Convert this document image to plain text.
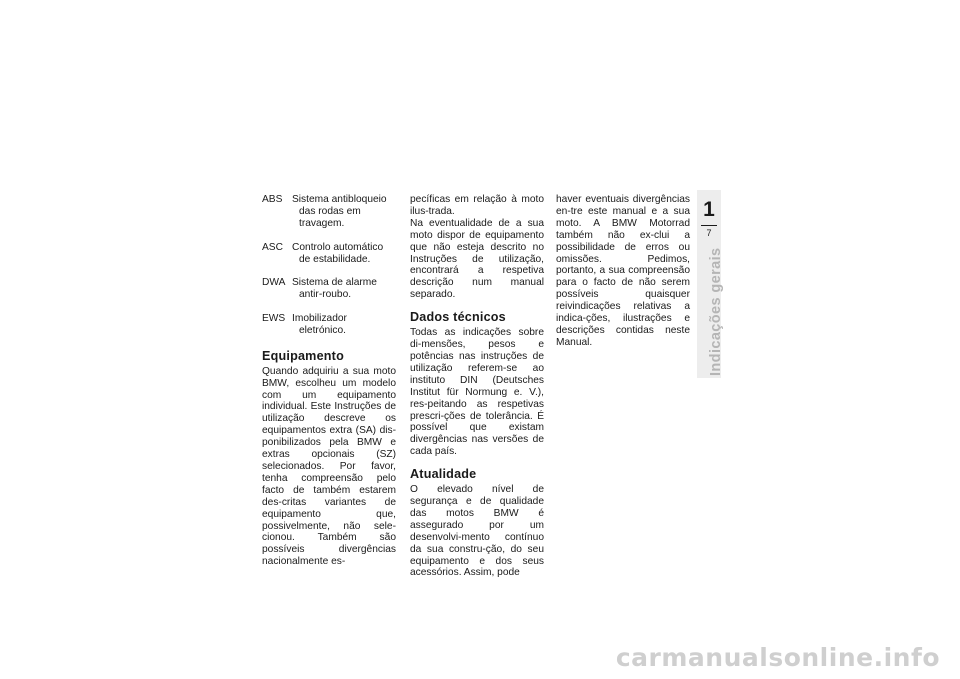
ABS Sistema antibloqueio das rodas em travagem.
ASC Controlo automático de estabilidade.
DWA Sistema de alarme antir-roubo.
EWS Imobilizador eletrónico.
Equipamento

Quando adquiriu a sua moto BMW, escolheu um modelo com um equipamento individual. Este Instruções de utilização descreve os equipamentos extra (SA) dis-ponibilizados pela BMW e extras opcionais (SZ) selecionados. Por favor, tenha compreensão pelo facto de também estarem des-critas variantes de equipamento que, possivelmente, não sele-cionou. Também são possíveis divergências nacionalmente es-

pecíficas em relação à moto ilus-trada.

Na eventualidade de a sua moto dispor de equipamento que não esteja descrito no Instruções de utilização, encontrará a respetiva descrição num manual separado.

Dados técnicos

Todas as indicações sobre di-mensões, pesos e potências nas instruções de utilização referem-se ao instituto DIN (Deutsches Institut für Normung e. V.), res-peitando as respetivas prescri-ções de tolerância. É possível que existam divergências nas versões de cada país.

Atualidade

O elevado nível de segurança e de qualidade das motos BMW é assegurado por um desenvolvi-mento contínuo da sua constru-ção, do seu equipamento e dos seus acessórios. Assim, pode

haver eventuais divergências en-tre este manual e a sua moto. A BMW Motorrad também não ex-clui a possibilidade de erros ou omissões. Pedimos, portanto, a sua compreensão para o facto de não serem possíveis quaisquer reivindicações relativas a indica-ções, ilustrações e descrições contidas neste Manual.

1
7
Indicações gerais
carmanualsonline.info
